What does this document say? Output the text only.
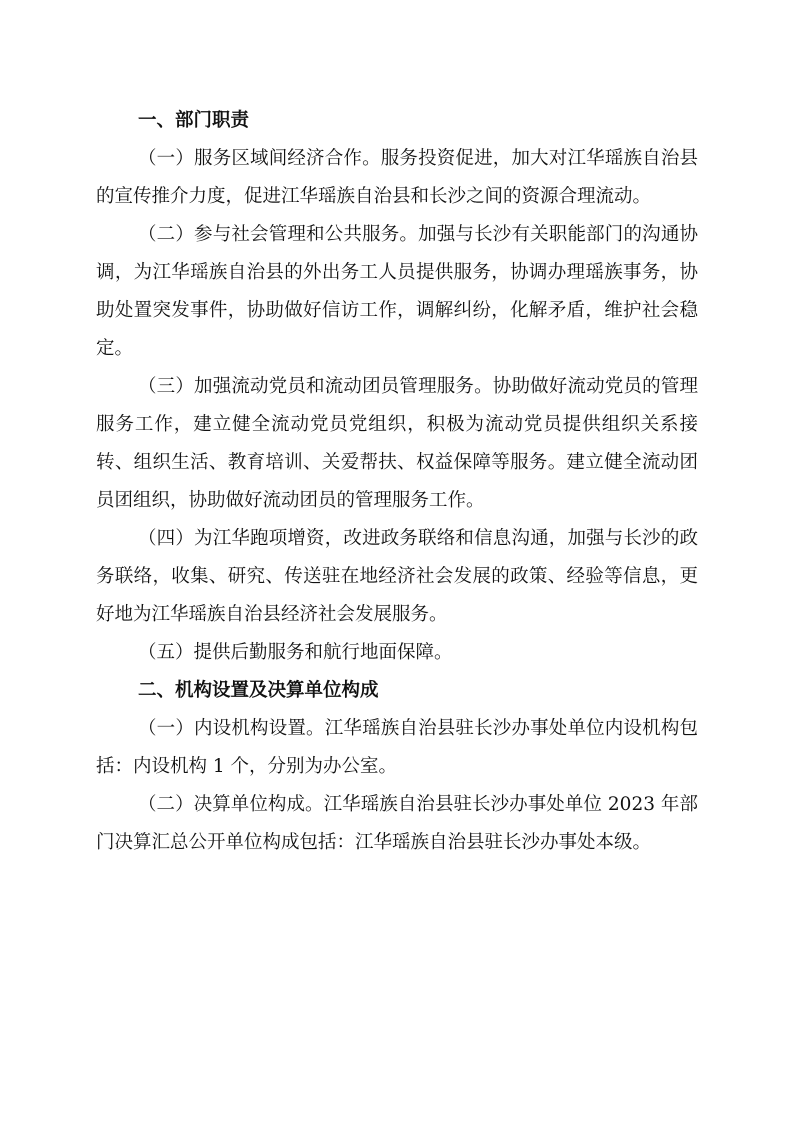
一、部门职责

（一）服务区域间经济合作。服务投资促进，加大对江华瑶族自治县的宣传推介力度，促进江华瑶族自治县和长沙之间的资源合理流动。

（二）参与社会管理和公共服务。加强与长沙有关职能部门的沟通协调，为江华瑶族自治县的外出务工人员提供服务，协调办理瑶族事务，协助处置突发事件，协助做好信访工作，调解纠纷，化解矛盾，维护社会稳定。

（三）加强流动党员和流动团员管理服务。协助做好流动党员的管理服务工作，建立健全流动党员党组织，积极为流动党员提供组织关系接转、组织生活、教育培训、关爱帮扶、权益保障等服务。建立健全流动团员团组织，协助做好流动团员的管理服务工作。

（四）为江华跑项增资，改进政务联络和信息沟通，加强与长沙的政务联络，收集、研究、传送驻在地经济社会发展的政策、经验等信息，更好地为江华瑶族自治县经济社会发展服务。

（五）提供后勤服务和航行地面保障。

二、机构设置及决算单位构成

（一）内设机构设置。江华瑶族自治县驻长沙办事处单位内设机构包括：内设机构 1 个，分别为办公室。

（二）决算单位构成。江华瑶族自治县驻长沙办事处单位 2023 年部门决算汇总公开单位构成包括：江华瑶族自治县驻长沙办事处本级。
